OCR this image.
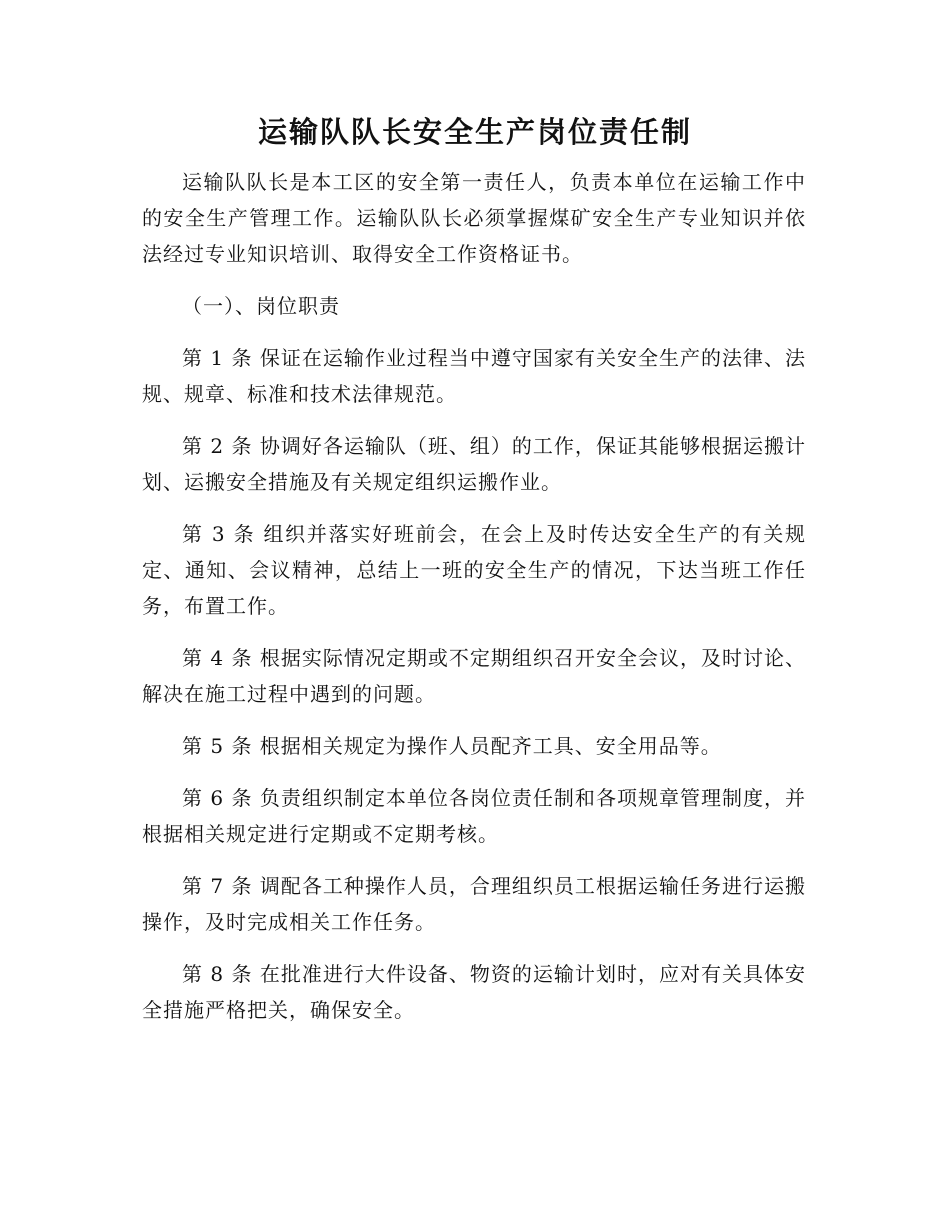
运输队队长安全生产岗位责任制

运输队队长是本工区的安全第一责任人，负责本单位在运输工作中的安全生产管理工作。运输队队长必须掌握煤矿安全生产专业知识并依法经过专业知识培训、取得安全工作资格证书。

（一）、岗位职责

第 1 条 保证在运输作业过程当中遵守国家有关安全生产的法律、法规、规章、标准和技术法律规范。

第 2 条 协调好各运输队（班、组）的工作，保证其能够根据运搬计划、运搬安全措施及有关规定组织运搬作业。

第 3 条 组织并落实好班前会，在会上及时传达安全生产的有关规定、通知、会议精神，总结上一班的安全生产的情况，下达当班工作任务，布置工作。

第 4 条 根据实际情况定期或不定期组织召开安全会议，及时讨论、解决在施工过程中遇到的问题。

第 5 条 根据相关规定为操作人员配齐工具、安全用品等。

第 6 条 负责组织制定本单位各岗位责任制和各项规章管理制度，并根据相关规定进行定期或不定期考核。

第 7 条 调配各工种操作人员，合理组织员工根据运输任务进行运搬操作，及时完成相关工作任务。

第 8 条 在批准进行大件设备、物资的运输计划时，应对有关具体安全措施严格把关，确保安全。
